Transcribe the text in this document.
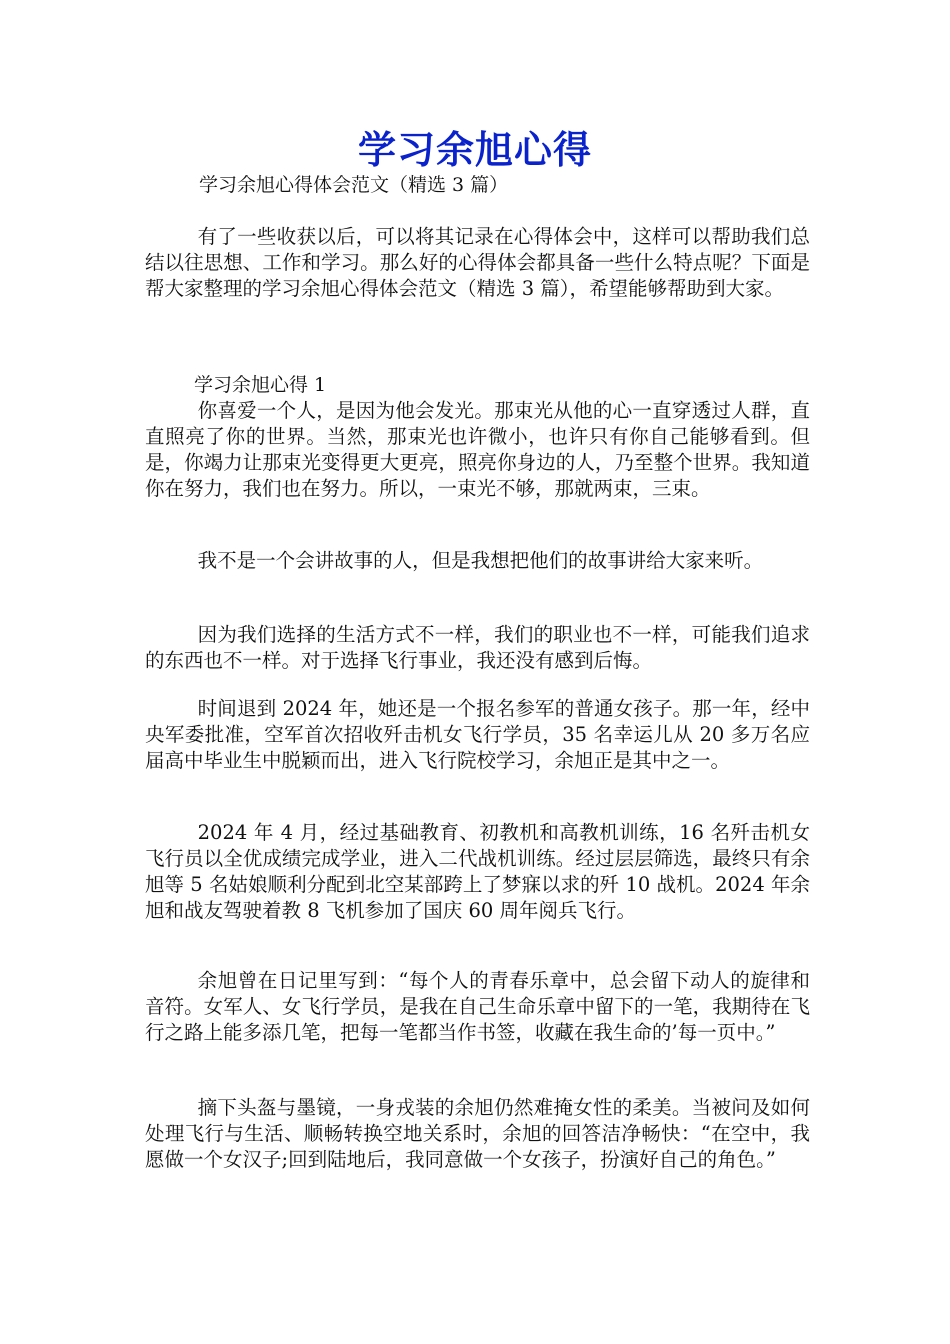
学习余旭心得
学习余旭心得体会范文（精选 3 篇）

有了一些收获以后，可以将其记录在心得体会中，这样可以帮助我们总结以往思想、工作和学习。那么好的心得体会都具备一些什么特点呢？下面是帮大家整理的学习余旭心得体会范文（精选 3 篇），希望能够帮助到大家。

学习余旭心得 1

你喜爱一个人，是因为他会发光。那束光从他的心一直穿透过人群，直直照亮了你的世界。当然，那束光也许微小，也许只有你自己能够看到。但是，你竭力让那束光变得更大更亮，照亮你身边的人，乃至整个世界。我知道你在努力，我们也在努力。所以，一束光不够，那就两束，三束。

我不是一个会讲故事的人，但是我想把他们的故事讲给大家来听。

因为我们选择的生活方式不一样，我们的职业也不一样，可能我们追求的东西也不一样。对于选择飞行事业，我还没有感到后悔。

时间退到 2024 年，她还是一个报名参军的普通女孩子。那一年，经中央军委批准，空军首次招收歼击机女飞行学员，35 名幸运儿从 20 多万名应届高中毕业生中脱颖而出，进入飞行院校学习，余旭正是其中之一。

2024 年 4 月，经过基础教育、初教机和高教机训练，16 名歼击机女飞行员以全优成绩完成学业，进入二代战机训练。经过层层筛选，最终只有余旭等 5 名姑娘顺利分配到北空某部跨上了梦寐以求的歼 10 战机。2024 年余旭和战友驾驶着教 8 飞机参加了国庆 60 周年阅兵飞行。

余旭曾在日记里写到：“每个人的青春乐章中，总会留下动人的旋律和音符。女军人、女飞行学员，是我在自己生命乐章中留下的一笔，我期待在飞行之路上能多添几笔，把每一笔都当作书签，收藏在我生命的’每一页中。”

摘下头盔与墨镜，一身戎装的余旭仍然难掩女性的柔美。当被问及如何处理飞行与生活、顺畅转换空地关系时，余旭的回答洁净畅快：“在空中，我愿做一个女汉子;回到陆地后，我同意做一个女孩子，扮演好自己的角色。”
